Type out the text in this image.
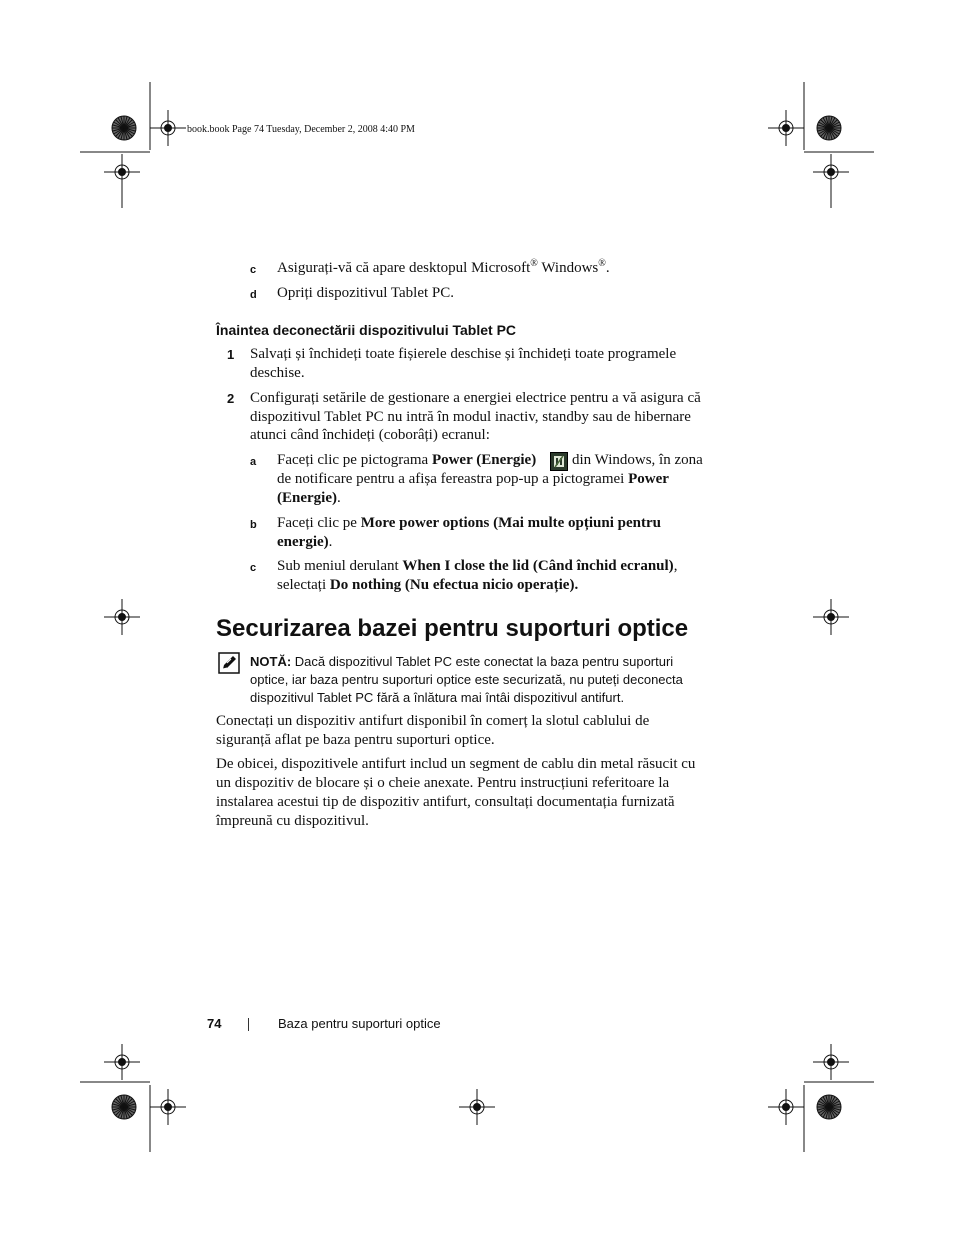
book.book Page 74 Tuesday, December 2, 2008 4:40 PM
c Asigurați-vă că apare desktopul Microsoft® Windows®.
d Opriți dispozitivul Tablet PC.
Înaintea deconectării dispozitivului Tablet PC
1 Salvați și închideți toate fișierele deschise și închideți toate programele
deschise.
2 Configurați setările de gestionare a energiei electrice pentru a vă asigura că
dispozitivul Tablet PC nu intră în modul inactiv, standby sau de hibernare
atunci când închideți (coborâți) ecranul:
a Faceți clic pe pictograma Power (Energie) din Windows, în zona
de notificare pentru a afișa fereastra pop-up a pictogramei Power
(Energie).
b Faceți clic pe More power options (Mai multe opțiuni pentru
energie).
c Sub meniul derulant When I close the lid (Când închid ecranul),
selectați Do nothing (Nu efectua nicio operație).
Securizarea bazei pentru suporturi optice
NOTĂ: Dacă dispozitivul Tablet PC este conectat la baza pentru suporturi
optice, iar baza pentru suporturi optice este securizată, nu puteți deconecta
dispozitivul Tablet PC fără a înlătura mai întâi dispozitivul antifurt.
Conectați un dispozitiv antifurt disponibil în comerț la slotul cablului de
siguranță aflat pe baza pentru suporturi optice.
De obicei, dispozitivele antifurt includ un segment de cablu din metal răsucit cu
un dispozitiv de blocare și o cheie anexate. Pentru instrucțiuni referitoare la
instalarea acestui tip de dispozitiv antifurt, consultați documentația furnizată
împreună cu dispozitivul.
74	Baza pentru suporturi optice
